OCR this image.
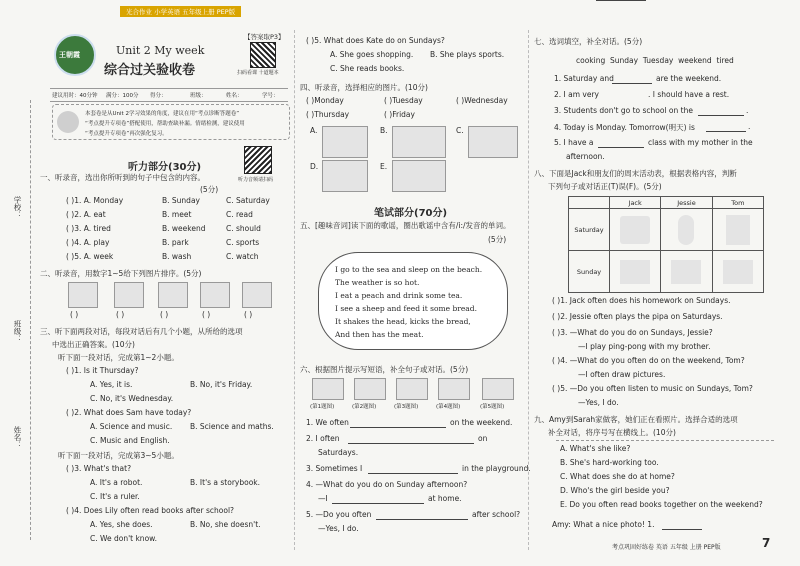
光合作业 小学英语 五年级上册 PEP版
【答案取P3】
王朝霞	Unit 2 My week
综合过关验收卷	扫码看课 十道题本
建议用时：40分钟 满分：100分 得分：	班级：	姓名：	学号：
本套卷是从Unit 2学习效果的角度，建议在用“考点诊断答题卷”
“考点提升专项卷”搭配使用，帮助查缺补漏。情绪检测，建议使用
“考点提升专项卷”再次强化复习。
听力音频请扫码
听力部分(30分)
一、听录音，选出你所听到的句子中包含的内容。
(5分)
( )1. A. Monday	B. Sunday	C. Saturday
( )2. A. eat	B. meet	C. read
( )3. A. tired	B. weekend	C. should
( )4. A. play	B. park	C. sports
( )5. A. week	B. wash	C. watch
二、听录音，用数字1~5给下列图片排序。(5分)
( )	( )	( )	( )	( )
三、听下面两段对话，每段对话后有几个小题，从所给的选项
中选出正确答案。(10分)
听下面一段对话，完成第1~2小题。
( )1. Is it Thursday?
A. Yes, it is.	B. No, it's Friday.
C. No, it's Wednesday.
( )2. What does Sam have today?
A. Science and music. B. Science and maths.
C. Music and English.
听下面一段对话，完成第3~5小题。
( )3. What's that?
A. It's a robot.	B. It's a storybook.
C. It's a ruler.
( )4. Does Lily often read books after school?
A. Yes, she does.	B. No, she doesn't.
C. We don't know.
学校：
班级：
姓名：
( )5. What does Kate do on Sundays?
A. She goes shopping. B. She plays sports.
C. She reads books.
四、听录音，选择相应的图片。(10分)
( )Monday	( )Tuesday	( )Wednesday
( )Thursday	( )Friday
A.	B.	C.
D.	E.
笔试部分(70分)
五、[趣味音词]读下面的歌谣，圈出歌谣中含有/i:/发音的单词。
(5分)
I go to the sea and sleep on the beach.
The weather is so hot.
I eat a peach and drink some tea.
I see a sheep and feed it some bread.
It shakes the head, kicks the bread,
And then has the meat.
六、根据图片提示写短语，补全句子或对话。(5分)
(第1题图)	(第2题图)	(第3题图)	(第4题图)	(第5题图)
1. We often	on the weekend.
2. I often	on
Saturdays.
3. Sometimes I	in the playground.
4. —What do you do on Sunday afternoon?
—I	at home.
5. —Do you often	after school?
—Yes, I do.
七、选词填空，补全对话。(5分)
cooking  Sunday  Tuesday  weekend  tired
1. Saturday and	are the weekend.
2. I am very	. I should have a rest.
3. Students don't go to school on the	.
4. Today is Monday. Tomorrow(明天) is	.
5. I have a	class with my mother in the
afternoon.
八、下面是Jack和朋友们的周末活动表，根据表格内容，判断
下列句子或对话正(T)误(F)。(5分)
	Jack	Jessie	Tom
Saturday	

Sunday	

( )1. Jack often does his homework on Sundays.
( )2. Jessie often plays the pipa on Saturdays.
( )3. —What do you do on Sundays, Jessie?
—I play ping-pong with my brother.
( )4. —What do you often do on the weekend, Tom?
—I often draw pictures.
( )5. —Do you often listen to music on Sundays, Tom?
—Yes, I do.
九、Amy到Sarah家做客，她们正在看照片。选择合适的选项
补全对话，将序号写在横线上。(10分)
A. What's she like?
B. She's hard-working too.
C. What does she do at home?
D. Who's the girl beside you?
E. Do you often read books together on the weekend?
Amy: What a nice photo! 1.
考点巩固好练卷 英语 五年级 上册 PEP版	7
